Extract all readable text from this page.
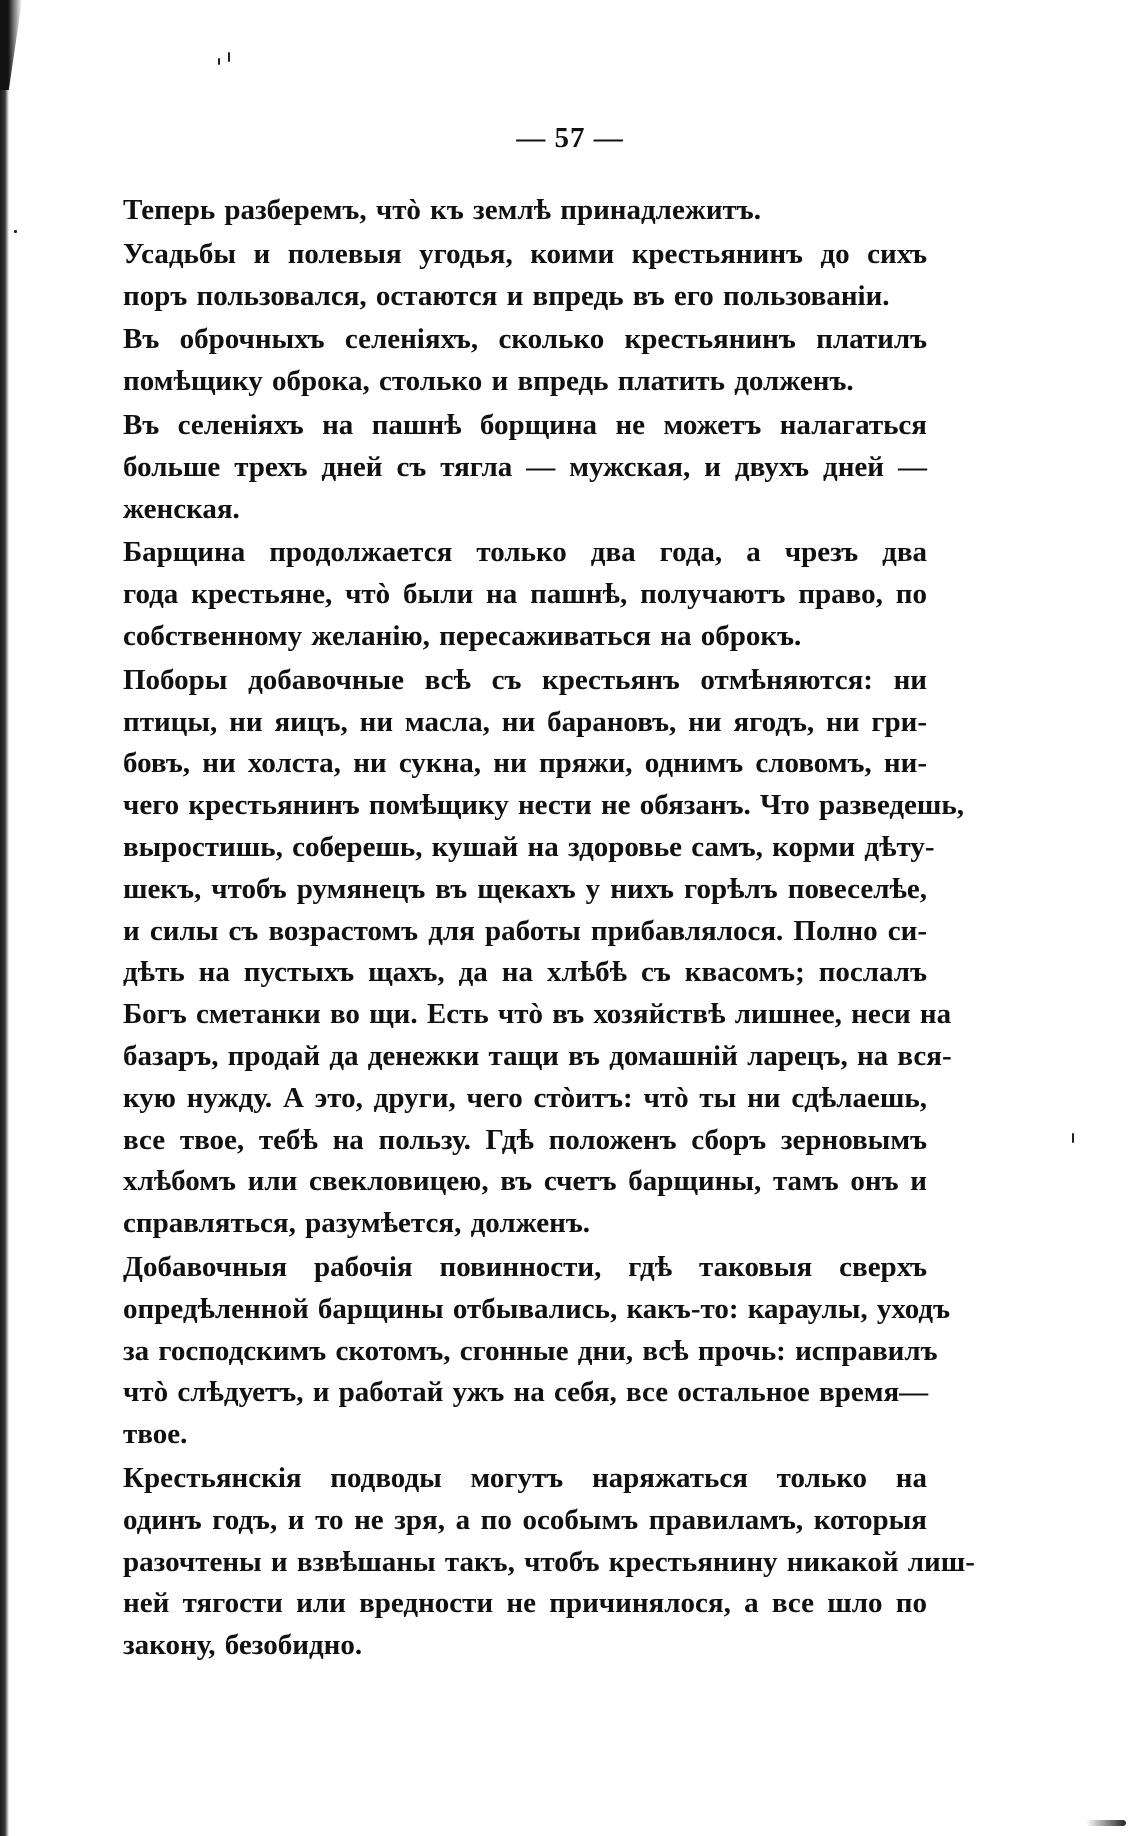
— 57 —
Теперь разберемъ, чтò къ землѣ принадлежитъ.
Усадьбы и полевыя угодья, коими крестьянинъ до сихъ
поръ пользовался, остаются и впредь въ его пользованіи.
Въ оброчныхъ селеніяхъ, сколько крестьянинъ платилъ
помѣщику оброка, столько и впредь платить долженъ.
Въ селеніяхъ на пашнѣ борщина не можетъ налагаться
больше трехъ дней съ тягла — мужская, и двухъ дней —
женская.
Барщина продолжается только два года, а чрезъ два
года крестьяне, чтò были на пашнѣ, получаютъ право, по
собственному желанію, пересаживаться на оброкъ.
Поборы добавочные всѣ съ крестьянъ отмѣняются: ни
птицы, ни яицъ, ни масла, ни барановъ, ни ягодъ, ни гри-
бовъ, ни холста, ни сукна, ни пряжи, однимъ словомъ, ни-
чего крестьянинъ помѣщику нести не обязанъ. Что разведешь,
выростишь, соберешь, кушай на здоровье самъ, корми дѣту-
шекъ, чтобъ румянецъ въ щекахъ у нихъ горѣлъ повеселѣе,
и силы съ возрастомъ для работы прибавлялося. Полно си-
дѣть на пустыхъ щахъ, да на хлѣбѣ съ квасомъ; послалъ
Богъ сметанки во щи. Есть чтò въ хозяйствѣ лишнее, неси на
базаръ, продай да денежки тащи въ домашній ларецъ, на вся-
кую нужду. А это, други, чего стòитъ: чтò ты ни сдѣлаешь,
все твое, тебѣ на пользу. Гдѣ положенъ сборъ зерновымъ
хлѣбомъ или свекловицею, въ счетъ барщины, тамъ онъ и
справляться, разумѣется, долженъ.
Добавочныя рабочія повинности, гдѣ таковыя сверхъ
опредѣленной барщины отбывались, какъ-то: караулы, уходъ
за господскимъ скотомъ, сгонные дни, всѣ прочь: исправилъ
чтò слѣдуетъ, и работай ужъ на себя, все остальное время—
твое.
Крестьянскія подводы могутъ наряжаться только на
одинъ годъ, и то не зря, а по особымъ правиламъ, которыя
разочтены и взвѣшаны такъ, чтобъ крестьянину никакой лиш-
ней тягости или вредности не причинялося, а все шло по
закону, безобидно.
